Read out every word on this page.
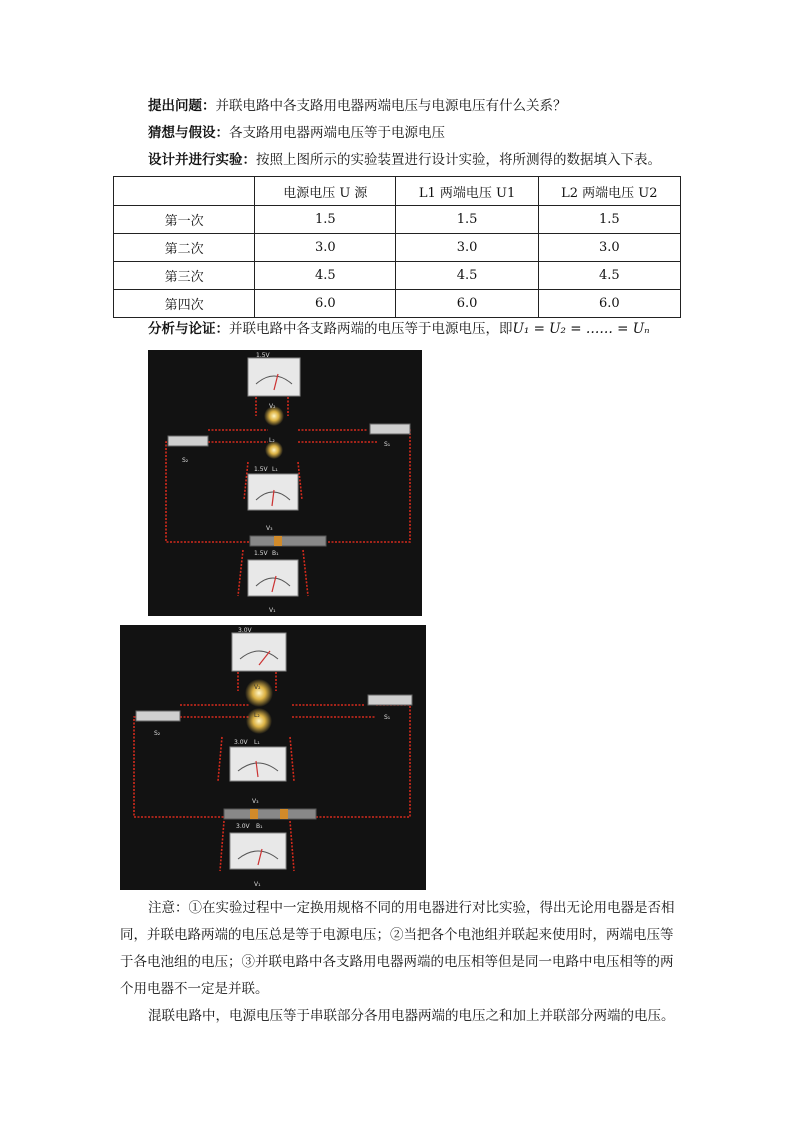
提出问题：并联电路中各支路用电器两端电压与电源电压有什么关系？
猜想与假设：各支路用电器两端电压等于电源电压
设计并进行实验：按照上图所示的实验装置进行设计实验，将所测得的数据填入下表。
	电源电压 U 源	L1 两端电压 U1	L2 两端电压 U2
第一次	1.5	1.5	1.5
第二次	3.0	3.0	3.0
第三次	4.5	4.5	4.5
第四次	6.0	6.0	6.0
分析与论证：并联电路中各支路两端的电压等于电源电压，即U₁ = U₂ = …… = Uₙ
1.5V
V₂
S₂
S₁
L₂
1.5V L₁
V₃
1.5V B₁
V₁
3.0V
V₂
S₂
S₁
L₂
3.0V L₁
V₃
3.0V B₁
V₁
注意：①在实验过程中一定换用规格不同的用电器进行对比实验，得出无论用电器是否相同，并联电路两端的电压总是等于电源电压；②当把各个电池组并联起来使用时，两端电压等于各电池组的电压；③并联电路中各支路用电器两端的电压相等但是同一电路中电压相等的两个用电器不一定是并联。
混联电路中，电源电压等于串联部分各用电器两端的电压之和加上并联部分两端的电压。
